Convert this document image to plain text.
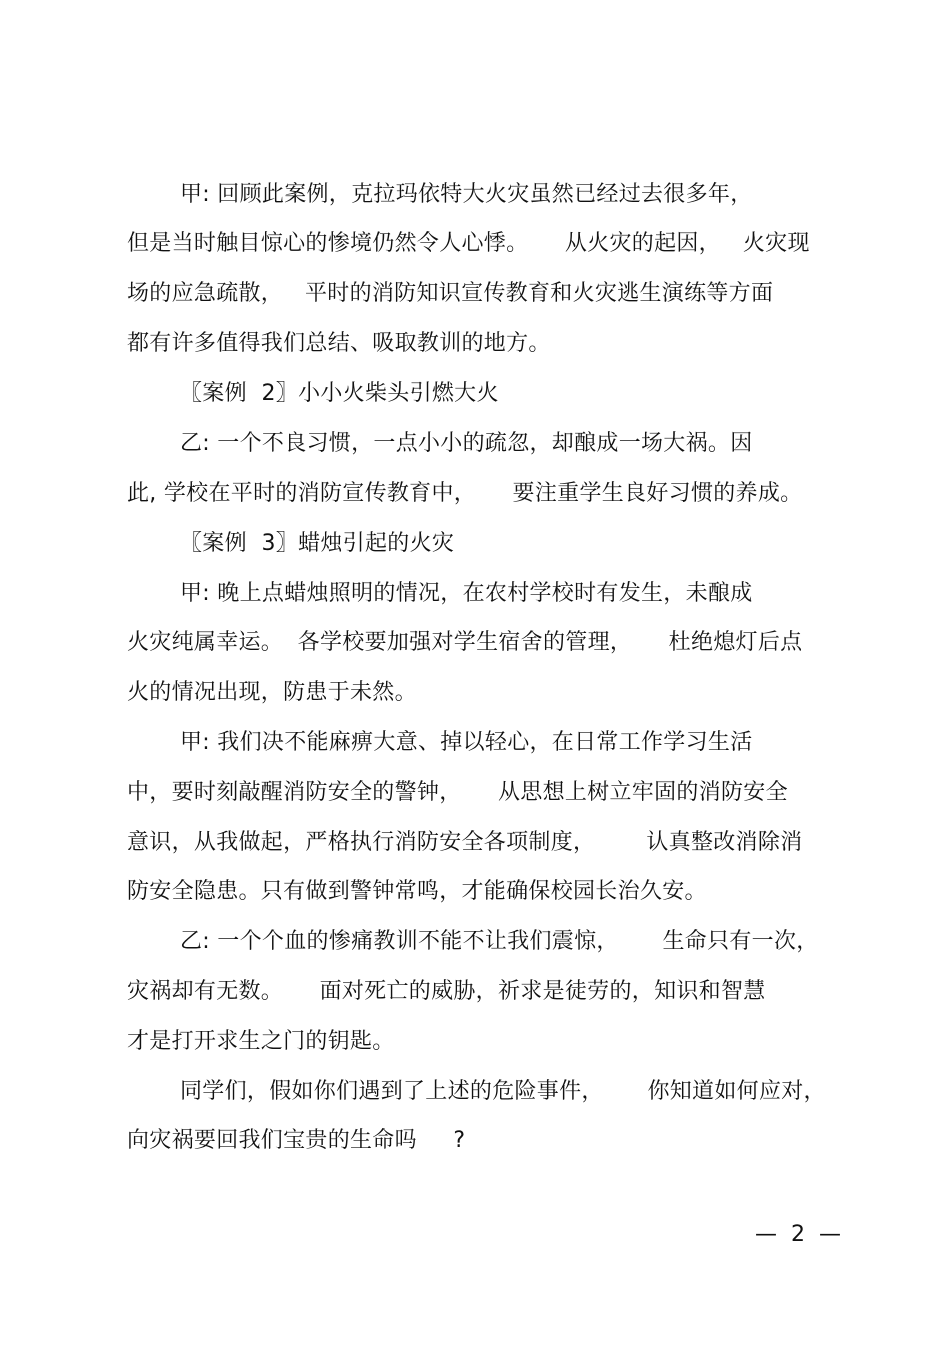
甲: 回顾此案例，克拉玛依特大火灾虽然已经过去很多年，
但是当时触目惊心的惨境仍然令人心悸。     从火灾的起因，   火灾现
场的应急疏散，   平时的消防知识宣传教育和火灾逃生演练等方面
都有许多值得我们总结、吸取教训的地方。
〖案例  2〗小小火柴头引燃大火
乙: 一个不良习惯，一点小小的疏忽，却酿成一场大祸。因
此, 学校在平时的消防宣传教育中，     要注重学生良好习惯的养成。
〖案例  3〗蜡烛引起的火灾
甲: 晚上点蜡烛照明的情况，在农村学校时有发生，未酿成
火灾纯属幸运。  各学校要加强对学生宿舍的管理，     杜绝熄灯后点
火的情况出现，防患于未然。
甲: 我们决不能麻痹大意、掉以轻心，在日常工作学习生活
中，要时刻敲醒消防安全的警钟，     从思想上树立牢固的消防安全
意识，从我做起，严格执行消防安全各项制度，       认真整改消除消
防安全隐患。只有做到警钟常鸣，才能确保校园长治久安。
乙: 一个个血的惨痛教训不能不让我们震惊，      生命只有一次，
灾祸却有无数。     面对死亡的威胁，祈求是徒劳的，知识和智慧
才是打开求生之门的钥匙。
同学们，假如你们遇到了上述的危险事件，      你知道如何应对，
向灾祸要回我们宝贵的生命吗     ?
—  2  —
